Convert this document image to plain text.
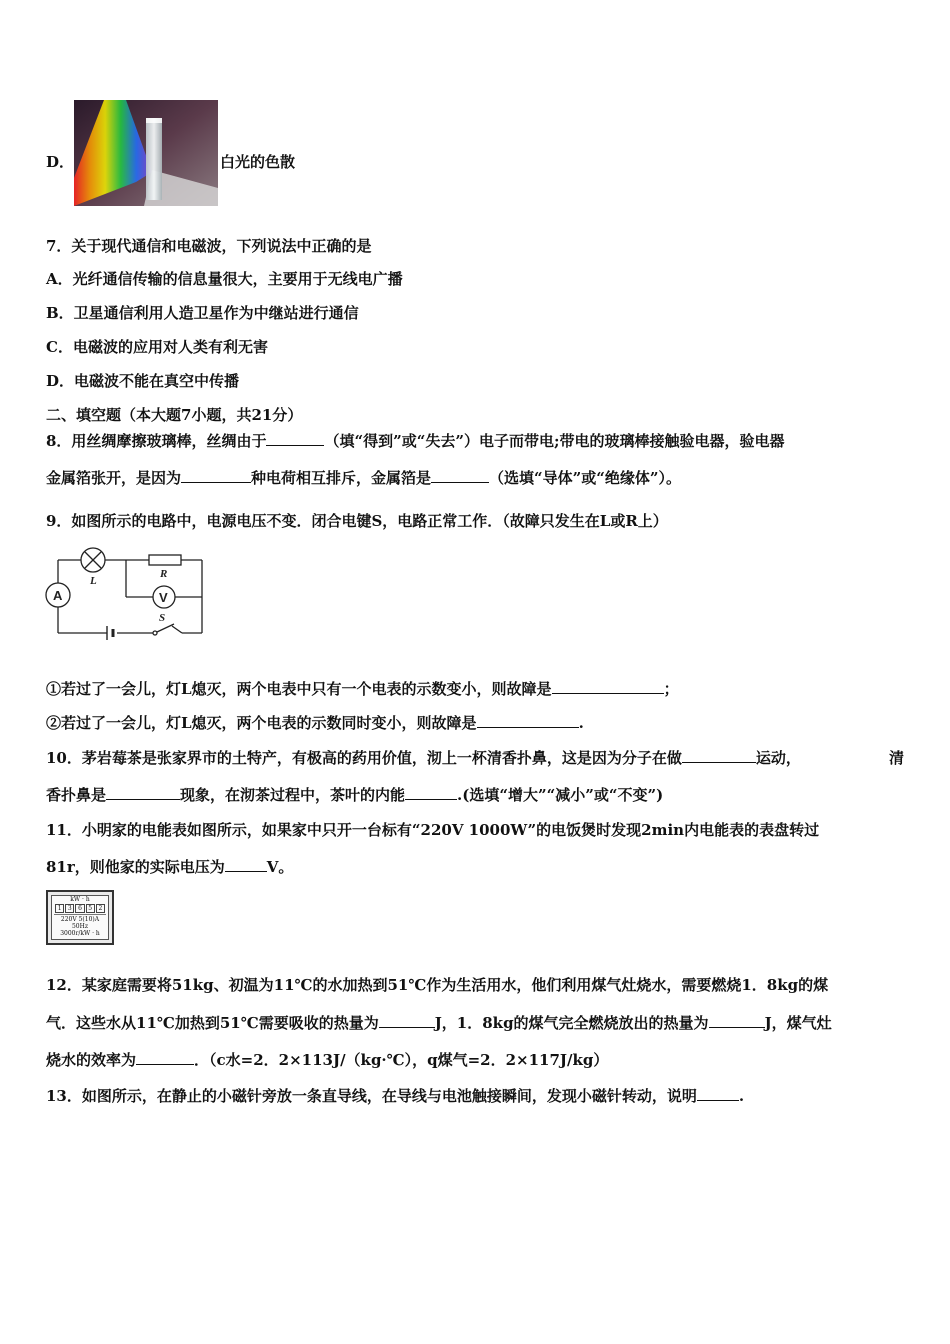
D．	白光的色散
7．关于现代通信和电磁波，下列说法中正确的是
A．光纤通信传输的信息量很大，主要用于无线电广播
B．卫星通信利用人造卫星作为中继站进行通信
C．电磁波的应用对人类有利无害
D．电磁波不能在真空中传播
二、填空题（本大题7小题，共21分）
8．用丝绸摩擦玻璃棒，丝绸由于	（填“得到”或“失去”）电子而带电;带电的玻璃棒接触验电器，验电器
金属箔张开，是因为	种电荷相互排斥，金属箔是	（选填“导体”或“绝缘体”）。
9．如图所示的电路中，电源电压不变．闭合电键S，电路正常工作．（故障只发生在L或R上）
L
R
A	V
S
①若过了一会儿，灯L熄灭，两个电表中只有一个电表的示数变小，则故障是	；
②若过了一会儿，灯L熄灭，两个电表的示数同时变小，则故障是	.
10．茅岩莓茶是张家界市的土特产，有极高的药用价值，沏上一杯清香扑鼻，这是因为分子在做	运动，	清
香扑鼻是	现象，在沏茶过程中，茶叶的内能	.(选填“增大”“减小”或“不变”)
11．小明家的电能表如图所示，如果家中只开一台标有“220V 1000W”的电饭煲时发现2min内电能表的表盘转过
81r，则他家的实际电压为	V。
kW · h
1	3	6	5	2
220V 5(10)A 50Hz
3000r/kW · h
12．某家庭需要将51kg、初温为11℃的水加热到51℃作为生活用水，他们利用煤气灶烧水，需要燃烧1．8kg的煤
气．这些水从11℃加热到51℃需要吸收的热量为	J，1．8kg的煤气完全燃烧放出的热量为	J，煤气灶
烧水的效率为	．（c水=2．2×113J/（kg·℃），q煤气=2．2×117J/kg）
13．如图所示，在静止的小磁针旁放一条直导线，在导线与电池触接瞬间，发现小磁针转动，说明	.
